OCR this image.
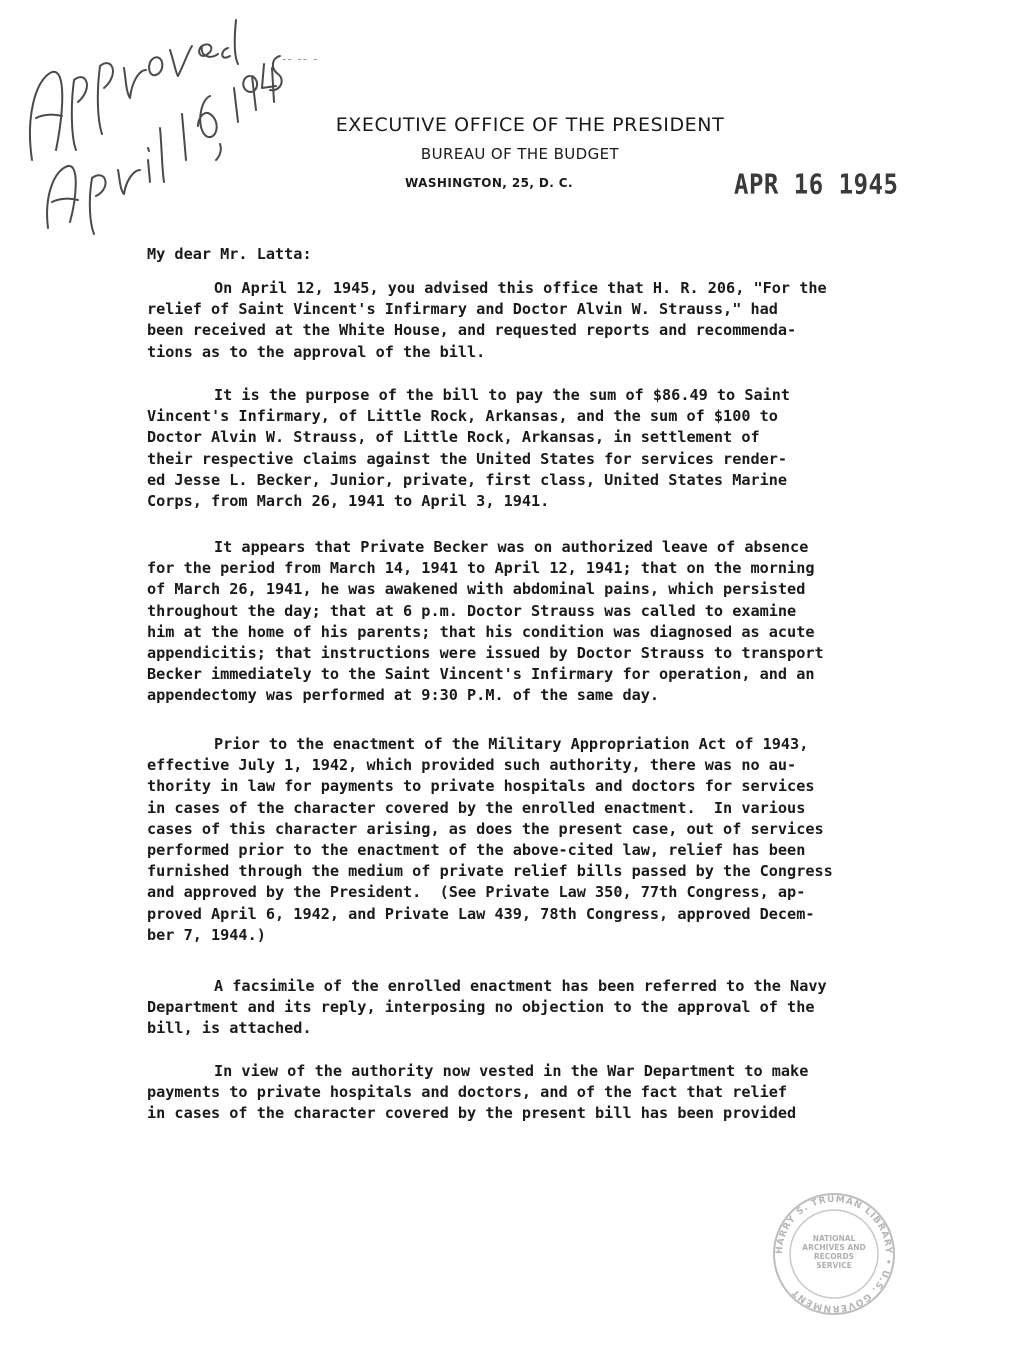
-- -- -
EXECUTIVE OFFICE OF THE PRESIDENT
BUREAU OF THE BUDGET
WASHINGTON, 25, D. C.	APR 16 1945
My dear Mr. Latta:
On April 12, 1945, you advised this office that H. R. 206, "For the
relief of Saint Vincent's Infirmary and Doctor Alvin W. Strauss," had
been received at the White House, and requested reports and recommenda-
tions as to the approval of the bill.
It is the purpose of the bill to pay the sum of $86.49 to Saint
Vincent's Infirmary, of Little Rock, Arkansas, and the sum of $100 to
Doctor Alvin W. Strauss, of Little Rock, Arkansas, in settlement of
their respective claims against the United States for services render-
ed Jesse L. Becker, Junior, private, first class, United States Marine
Corps, from March 26, 1941 to April 3, 1941.
It appears that Private Becker was on authorized leave of absence
for the period from March 14, 1941 to April 12, 1941; that on the morning
of March 26, 1941, he was awakened with abdominal pains, which persisted
throughout the day; that at 6 p.m. Doctor Strauss was called to examine
him at the home of his parents; that his condition was diagnosed as acute
appendicitis; that instructions were issued by Doctor Strauss to transport
Becker immediately to the Saint Vincent's Infirmary for operation, and an
appendectomy was performed at 9:30 P.M. of the same day.
Prior to the enactment of the Military Appropriation Act of 1943,
effective July 1, 1942, which provided such authority, there was no au-
thority in law for payments to private hospitals and doctors for services
in cases of the character covered by the enrolled enactment.  In various
cases of this character arising, as does the present case, out of services
performed prior to the enactment of the above-cited law, relief has been
furnished through the medium of private relief bills passed by the Congress
and approved by the President.  (See Private Law 350, 77th Congress, ap-
proved April 6, 1942, and Private Law 439, 78th Congress, approved Decem-
ber 7, 1944.)
A facsimile of the enrolled enactment has been referred to the Navy
Department and its reply, interposing no objection to the approval of the
bill, is attached.
In view of the authority now vested in the War Department to make
payments to private hospitals and doctors, and of the fact that relief
in cases of the character covered by the present bill has been provided
HARRY S. TRUMAN LIBRARY • U.S. GOVERNMENT
NATIONAL
ARCHIVES AND
RECORDS
SERVICE
